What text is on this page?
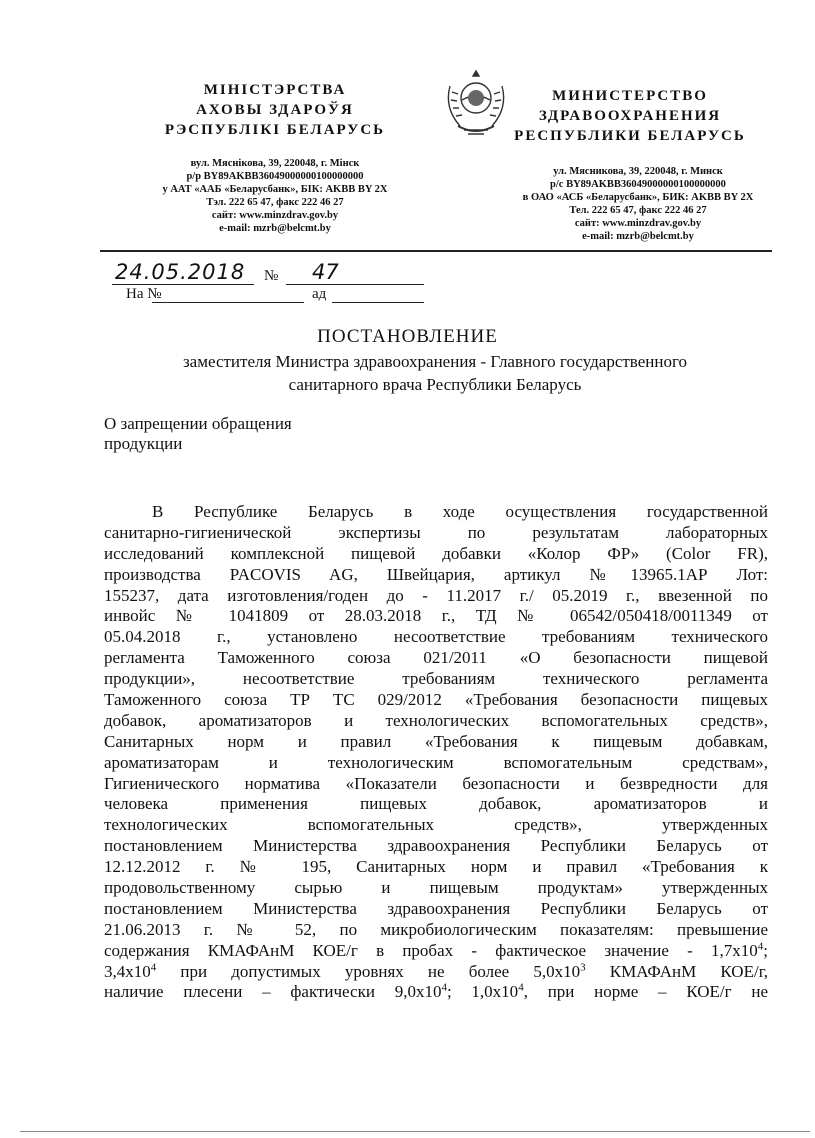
МІНІСТЭРСТВА
АХОВЫ ЗДАРОЎЯ
РЭСПУБЛІКІ БЕЛАРУСЬ
вул. Мяснікова, 39, 220048, г. Мінск
р/р BY89AKBB36049000000100000000
у ААТ «ААБ «Беларусбанк», БІК: AKBB BY 2X
Тэл. 222 65 47, факс 222 46 27
сайт: www.minzdrav.gov.by
e-mail: mzrb@belcmt.by
МИНИСТЕРСТВО
ЗДРАВООХРАНЕНИЯ
РЕСПУБЛИКИ БЕЛАРУСЬ
ул. Мясникова, 39, 220048, г. Минск
р/с BY89AKBB36049000000100000000
в ОАО «АСБ «Беларусбанк», БИК: AKBB BY 2X
Тел. 222 65 47, факс 222 46 27
сайт: www.minzdrav.gov.by
e-mail: mzrb@belcmt.by
24.05.2018 № 47
На №	ад
ПОСТАНОВЛЕНИЕ
заместителя Министра здравоохранения - Главного государственного
санитарного врача Республики Беларусь
О запрещении обращения
продукции
В Республике Беларусь в ходе осуществления государственной
санитарно-гигиенической экспертизы по результатам лабораторных
исследований комплексной пищевой добавки «Колор ФР» (Color FR),
производства PACOVIS AG, Швейцария, артикул №13965.1АР Лот:
155237, дата изготовления/годен до - 11.2017 г./ 05.2019 г., ввезенной по
инвойс № 1041809 от 28.03.2018 г., ТД № 06542/050418/0011349 от
05.04.2018 г., установлено несоответствие требованиям технического
регламента Таможенного союза 021/2011 «О безопасности пищевой
продукции», несоответствие требованиям технического регламента
Таможенного союза ТР ТС 029/2012 «Требования безопасности пищевых
добавок, ароматизаторов и технологических вспомогательных средств»,
Санитарных норм и правил «Требования к пищевым добавкам,
ароматизаторам и технологическим вспомогательным средствам»,
Гигиенического норматива «Показатели безопасности и безвредности для
человека применения пищевых добавок, ароматизаторов и
технологических вспомогательных средств», утвержденных
постановлением Министерства здравоохранения Республики Беларусь от
12.12.2012 г. № 195, Санитарных норм и правил «Требования к
продовольственному сырью и пищевым продуктам» утвержденных
постановлением Министерства здравоохранения Республики Беларусь от
21.06.2013 г. № 52, по микробиологическим показателям: превышение
содержания КМАФАнМ КОЕ/г в пробах - фактическое значение - $1,7х10^4$;
$3,4х10^4$ при допустимых уровнях не более $5,0х10^3$ КМАФАнМ КОЕ/г,
наличие плесени – фактически $9,0х10^4$; $1,0х10^4$, при норме – КОЕ/г не
